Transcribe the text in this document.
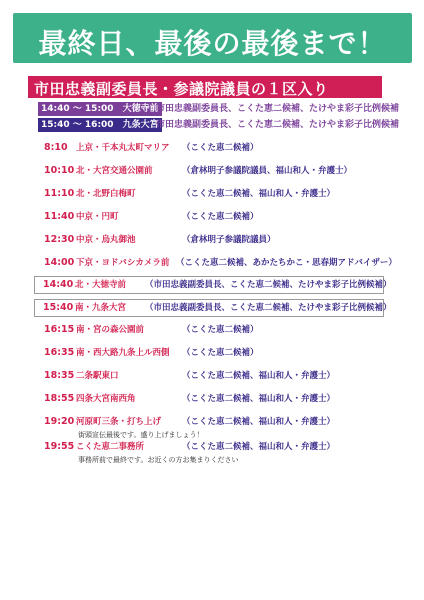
最終日、最後の最後まで！
市田忠義副委員長・参議院議員の１区入り
14:40 〜 15:00　大徳寺前
市田忠義副委員長、こくた恵二候補、たけやま彩子比例候補
15:40 〜 16:00　九条大宮
市田忠義副委員長、こくた恵二候補、たけやま彩子比例候補
8:10 上京・千本丸太町マリア （こくた恵二候補）
10:10 北・大宮交通公園前	（倉林明子参議院議員、福山和人・弁護士）
11:10 北・北野白梅町	（こくた恵二候補、福山和人・弁護士）
11:40 中京・円町	（こくた恵二候補）
12:30 中京・烏丸御池	（倉林明子参議院議員）
14:00 下京・ヨドバシカメラ前 （こくた恵二候補、あかたちかこ・思春期アドバイザー）
14:40 北・大徳寺前 （市田忠義副委員長、こくた恵二候補、たけやま彩子比例候補）
15:40 南・九条大宮 （市田忠義副委員長、こくた恵二候補、たけやま彩子比例候補）
16:15 南・宮の森公園前	（こくた恵二候補）
16:35 南・西大路九条上ル西側 （こくた恵二候補）
18:35 二条駅東口	（こくた恵二候補、福山和人・弁護士）
18:55 四条大宮南西角	（こくた恵二候補、福山和人・弁護士）
19:20 河原町三条・打ち上げ （こくた恵二候補、福山和人・弁護士）
街頭宣伝最後です。盛り上げましょう！
19:55 こくた恵二事務所	（こくた恵二候補、福山和人・弁護士）
事務所前で最終です。お近くの方お集まりください
